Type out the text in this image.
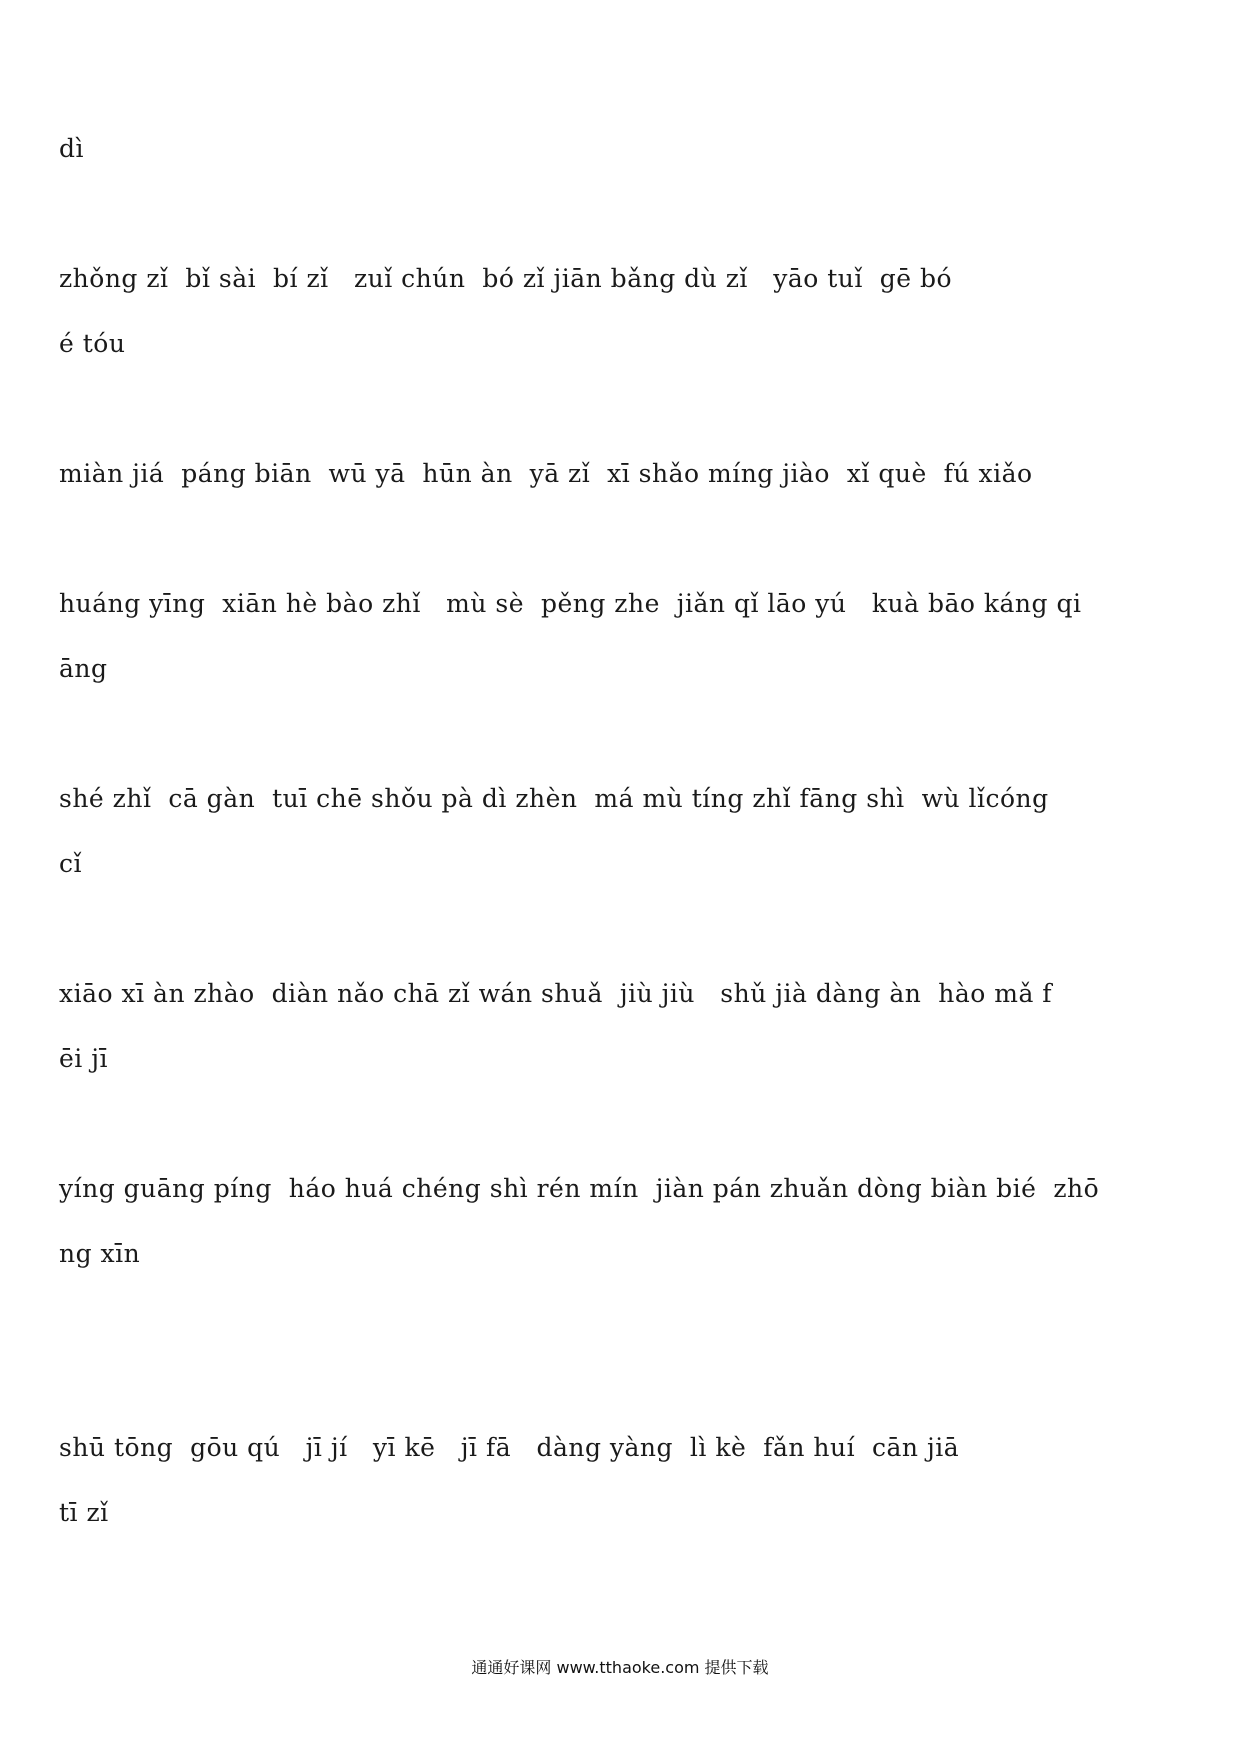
dì
zhǒng zǐ  bǐ sài  bí zǐ   zuǐ chún  bó zǐ jiān bǎng dù zǐ   yāo tuǐ  gē bó
é tóu
miàn jiá  páng biān  wū yā  hūn àn  yā zǐ  xī shǎo míng jiào  xǐ què  fú xiǎo
huáng yīng  xiān hè bào zhǐ   mù sè  pěng zhe  jiǎn qǐ lāo yú   kuà bāo káng qi
āng
shé zhǐ  cā gàn  tuī chē shǒu pà dì zhèn  má mù tíng zhǐ fāng shì  wù lǐcóng
cǐ
xiāo xī àn zhào  diàn nǎo chā zǐ wán shuǎ  jiù jiù   shǔ jià dàng àn  hào mǎ f
ēi jī
yíng guāng píng  háo huá chéng shì rén mín  jiàn pán zhuǎn dòng biàn bié  zhō
ng xīn
shū tōng  gōu qú   jī jí   yī kē   jī fā   dàng yàng  lì kè  fǎn huí  cān jiā
tī zǐ
通通好课网 www.tthaoke.com 提供下载
